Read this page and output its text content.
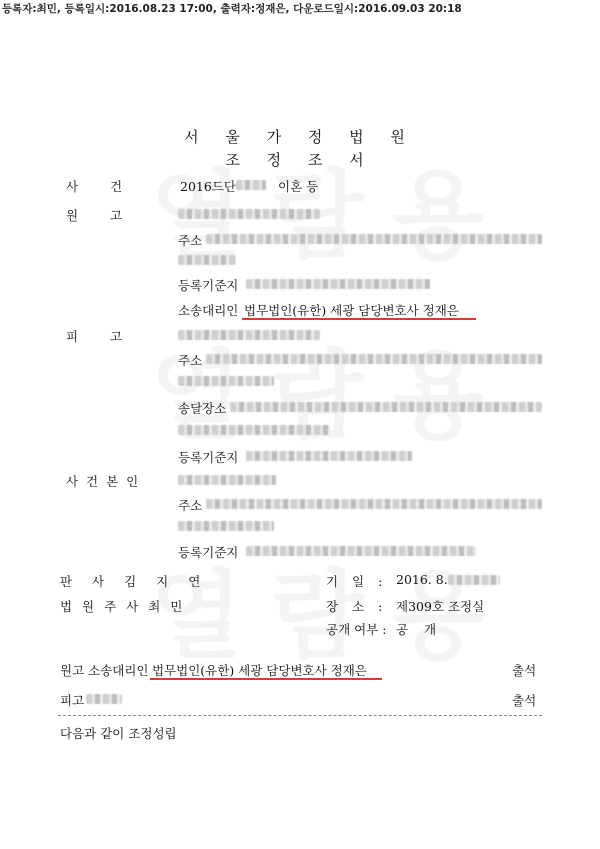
등록자:최민, 등록일시:2016.08.23 17:00, 출력자:정재은, 다운로드일시:2016.09.03 20:18
서 울 가 정 법 원
조 정 조 서
사 건	2016드단	이혼 등
원 고
주소
등록기준지
소송대리인 법무법인(유한) 세광 담당변호사 정재은
피 고
주소
송달장소
등록기준지
사 건 본 인
주소
등록기준지
판 사 김 지 연	기 일 : 2016. 8.
법 원 주 사 최 민	장 소 : 제309호 조정실
공개 여부 : 공 개
원고 소송대리인 법무법인(유한) 세광 담당변호사 정재은	출석
피고	출석
다음과 같이 조정성립
